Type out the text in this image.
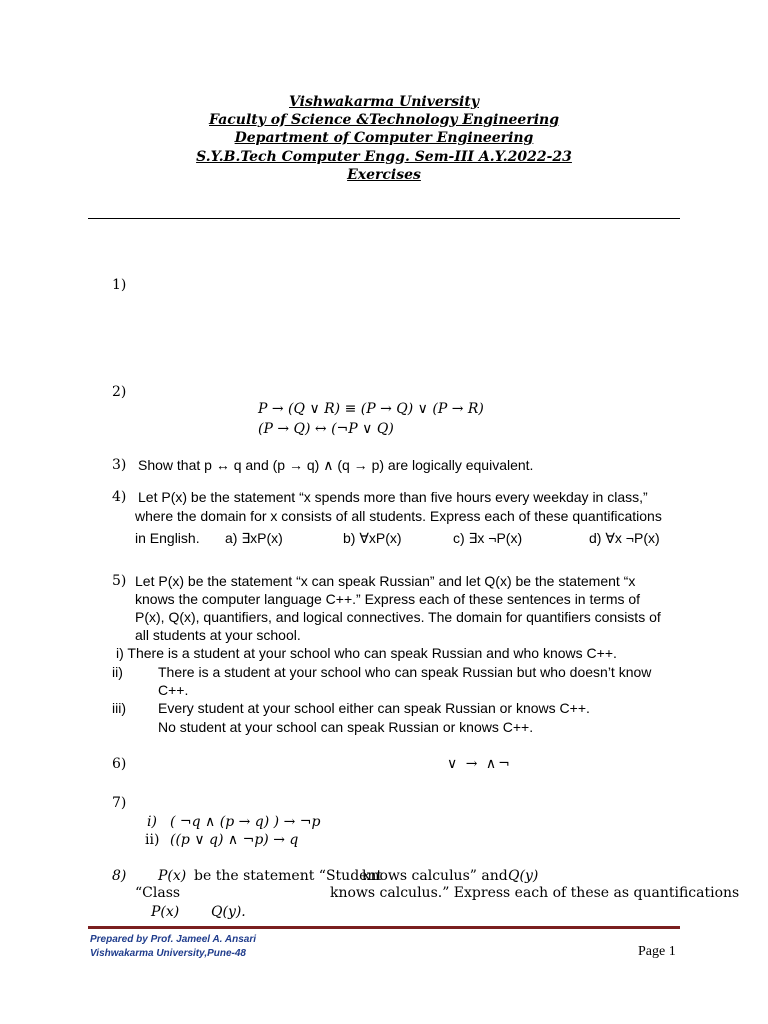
Vishwakarma University
Faculty of Science &Technology Engineering
Department of Computer Engineering
S.Y.B.Tech Computer Engg. Sem-III A.Y.2022-23
Exercises
1)
2)
P → (Q ∨ R) ≡ (P → Q) ∨ (P → R)
(P → Q) ↔ (¬P ∨ Q)
3) Show that p ↔ q and (p → q) ∧ (q → p) are logically equivalent.
4) Let P(x) be the statement “x spends more than five hours every weekday in class,”
where the domain for x consists of all students. Express each of these quantifications
in English. a) ∃xP(x)	b) ∀xP(x)	c) ∃x ¬P(x)	d) ∀x ¬P(x)
5) Let P(x) be the statement “x can speak Russian” and let Q(x) be the statement “x
knows the computer language C++.” Express each of these sentences in terms of
P(x), Q(x), quantifiers, and logical connectives. The domain for quantifiers consists of
all students at your school.
i) There is a student at your school who can speak Russian and who knows C++.
ii)	There is a student at your school who can speak Russian but who doesn’t know
C++.
iii) Every student at your school either can speak Russian or knows C++.
No student at your school can speak Russian or knows C++.
6)	∨ → ∧¬
7)
i) ( ¬q ∧ (p → q) ) → ¬p
ii) ((p ∨ q) ∧ ¬p) → q
8) P(x) be the statement “Student
knows calculus” and Q(y)
“Class	knows calculus.” Express each of these as quantifications
P(x) Q(y).
Prepared by Prof. Jameel A. Ansari
Vishwakarma University,Pune-48	Page 1
